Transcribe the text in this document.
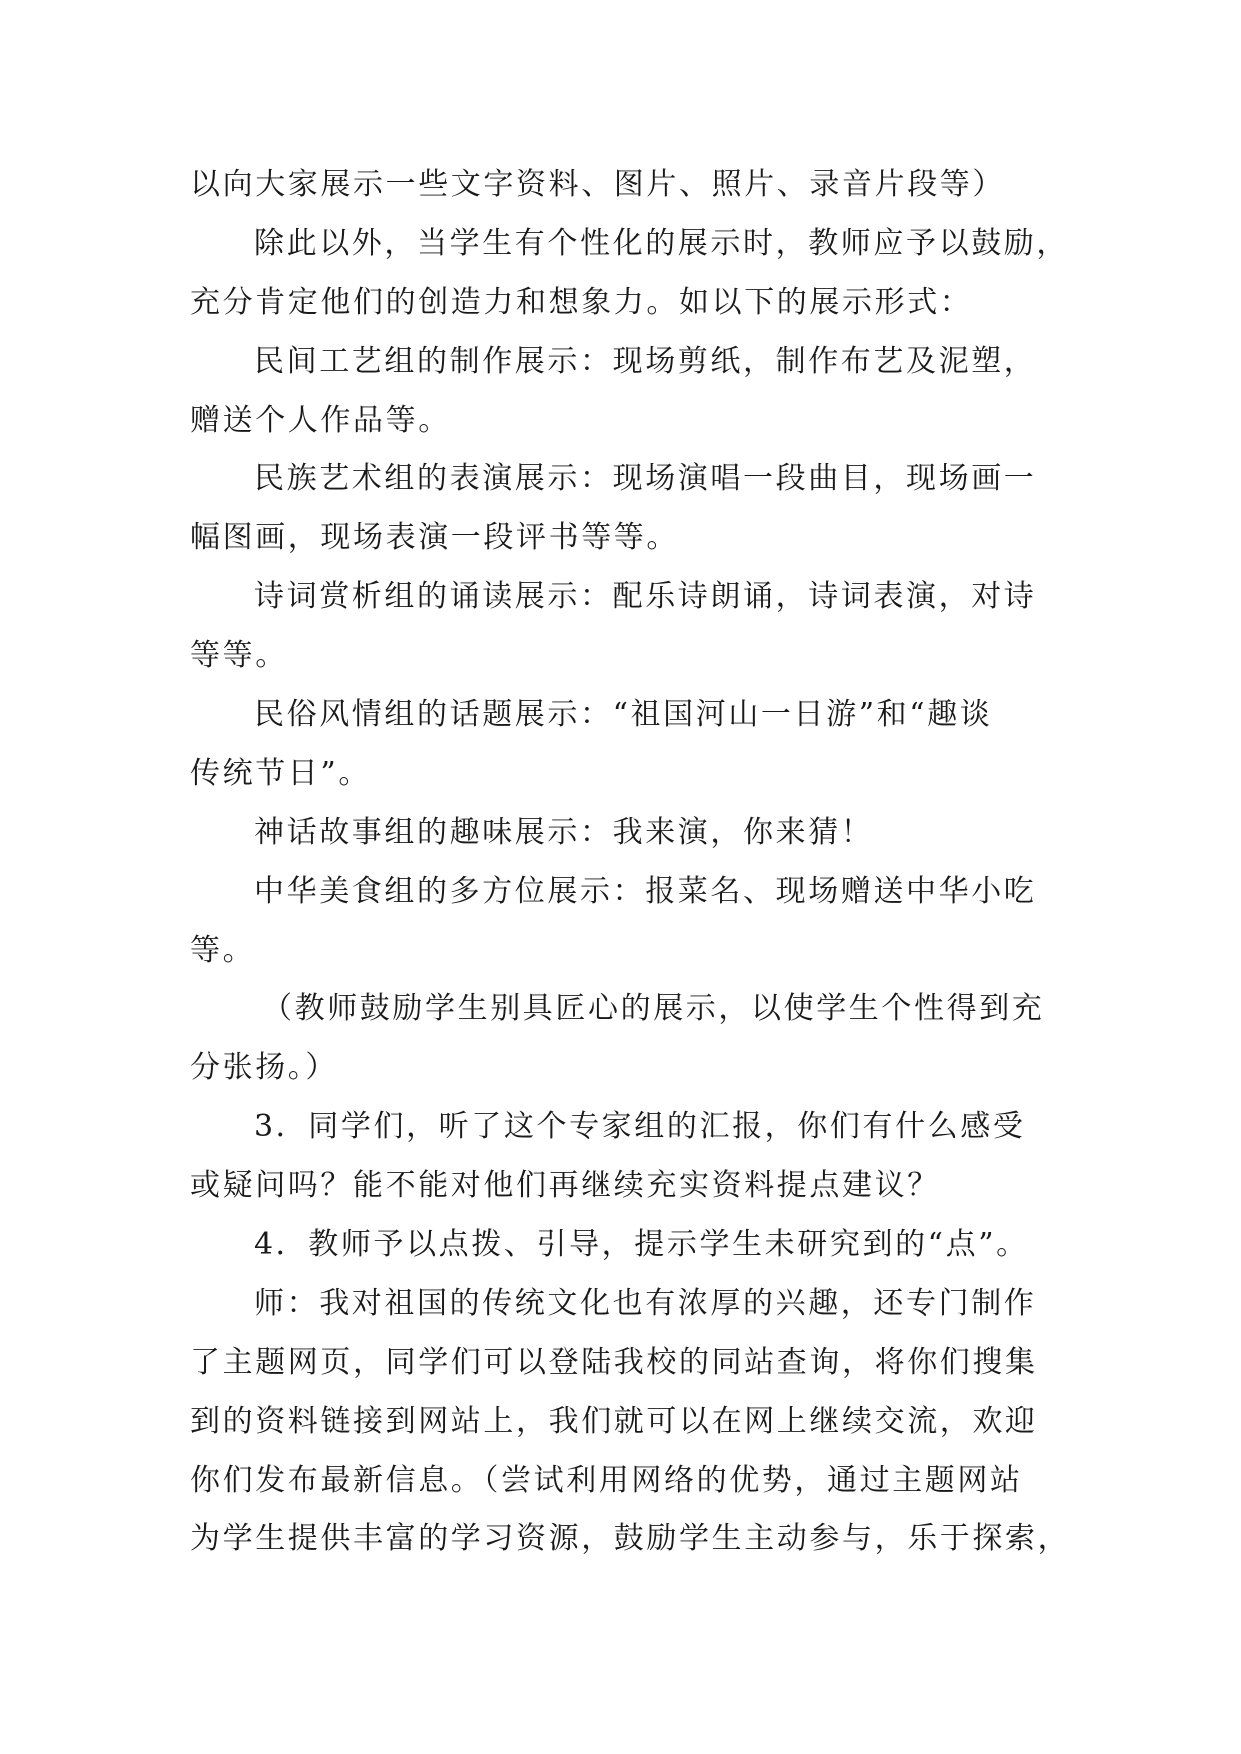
以向大家展示一些文字资料、图片、照片、录音片段等）
除此以外，当学生有个性化的展示时，教师应予以鼓励，
充分肯定他们的创造力和想象力。如以下的展示形式：
民间工艺组的制作展示：现场剪纸，制作布艺及泥塑，
赠送个人作品等。
民族艺术组的表演展示：现场演唱一段曲目，现场画一
幅图画，现场表演一段评书等等。
诗词赏析组的诵读展示：配乐诗朗诵，诗词表演，对诗
等等。
民俗风情组的话题展示：“祖国河山一日游”和“趣谈
传统节日”。
神话故事组的趣味展示：我来演，你来猜！
中华美食组的多方位展示：报菜名、现场赠送中华小吃
等。
（教师鼓励学生别具匠心的展示，以使学生个性得到充
分张扬。）
3．同学们，听了这个专家组的汇报，你们有什么感受
或疑问吗？能不能对他们再继续充实资料提点建议？
4．教师予以点拨、引导，提示学生未研究到的“点”。
师：我对祖国的传统文化也有浓厚的兴趣，还专门制作
了主题网页，同学们可以登陆我校的同站查询，将你们搜集
到的资料链接到网站上，我们就可以在网上继续交流，欢迎
你们发布最新信息。（尝试利用网络的优势，通过主题网站
为学生提供丰富的学习资源，鼓励学生主动参与，乐于探索，
